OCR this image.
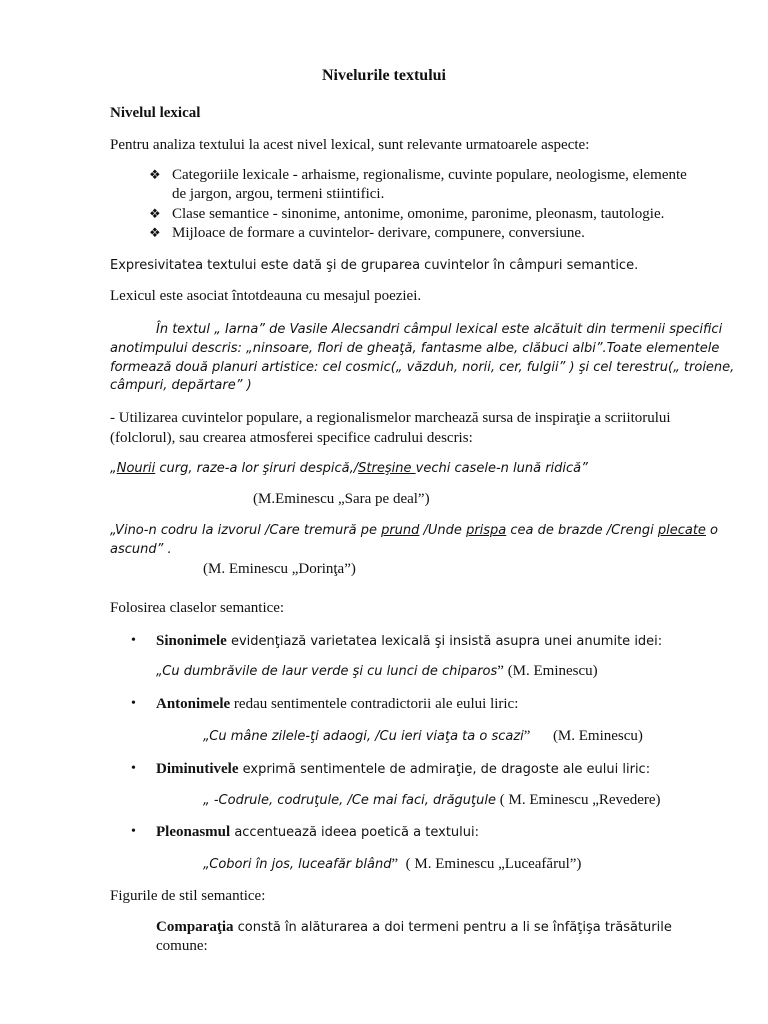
Nivelurile textului
Nivelul lexical
Pentru analiza textului la acest nivel lexical, sunt relevante urmatoarele aspecte:
❖ Categoriile lexicale - arhaisme, regionalisme, cuvinte populare, neologisme, elemente
de jargon, argou, termeni stiintifici.
❖ Clase semantice - sinonime, antonime, omonime, paronime, pleonasm, tautologie.
❖ Mijloace de formare a cuvintelor- derivare, compunere, conversiune.
Expresivitatea textului este dată şi de gruparea cuvintelor în câmpuri semantice.
Lexicul este asociat întotdeauna cu mesajul poeziei.
În textul „ Iarna” de Vasile Alecsandri câmpul lexical este alcătuit din termenii specifici
anotimpului descris: „ninsoare, flori de gheaţă, fantasme albe, clăbuci albi”.Toate elementele
formează două planuri artistice: cel cosmic(„ văzduh, norii, cer, fulgii” ) şi cel terestru(„ troiene,
câmpuri, depărtare” )
- Utilizarea cuvintelor populare, a regionalismelor marchează sursa de inspiraţie a scriitorului
(folclorul), sau crearea atmosferei specifice cadrului descris:
„Nourii curg, raze-a lor şiruri despică,/Streşine vechi casele-n lună ridică”
(M.Eminescu „Sara pe deal”)
„Vino-n codru la izvorul /Care tremură pe prund /Unde prispa cea de brazde /Crengi plecate o
ascund” .
(M. Eminescu „Dorinţa”)
Folosirea claselor semantice:
• Sinonimele evidenţiază varietatea lexicală şi insistă asupra unei anumite idei:
„Cu dumbrăvile de laur verde şi cu lunci de chiparos” (M. Eminescu)
• Antonimele redau sentimentele contradictorii ale eului liric:
„Cu mâne zilele-ţi adaogi, /Cu ieri viaţa ta o scazi”      (M. Eminescu)
• Diminutivele exprimă sentimentele de admiraţie, de dragoste ale eului liric:
„ -Codrule, codruţule, /Ce mai faci, drăguţule ( M. Eminescu „Revedere)
• Pleonasmul accentuează ideea poetică a textului:
„Cobori în jos, luceafăr blând”  ( M. Eminescu „Luceafărul”)
Figurile de stil semantice:
Comparaţia constă în alăturarea a doi termeni pentru a li se înfăţişa trăsăturile
comune:
